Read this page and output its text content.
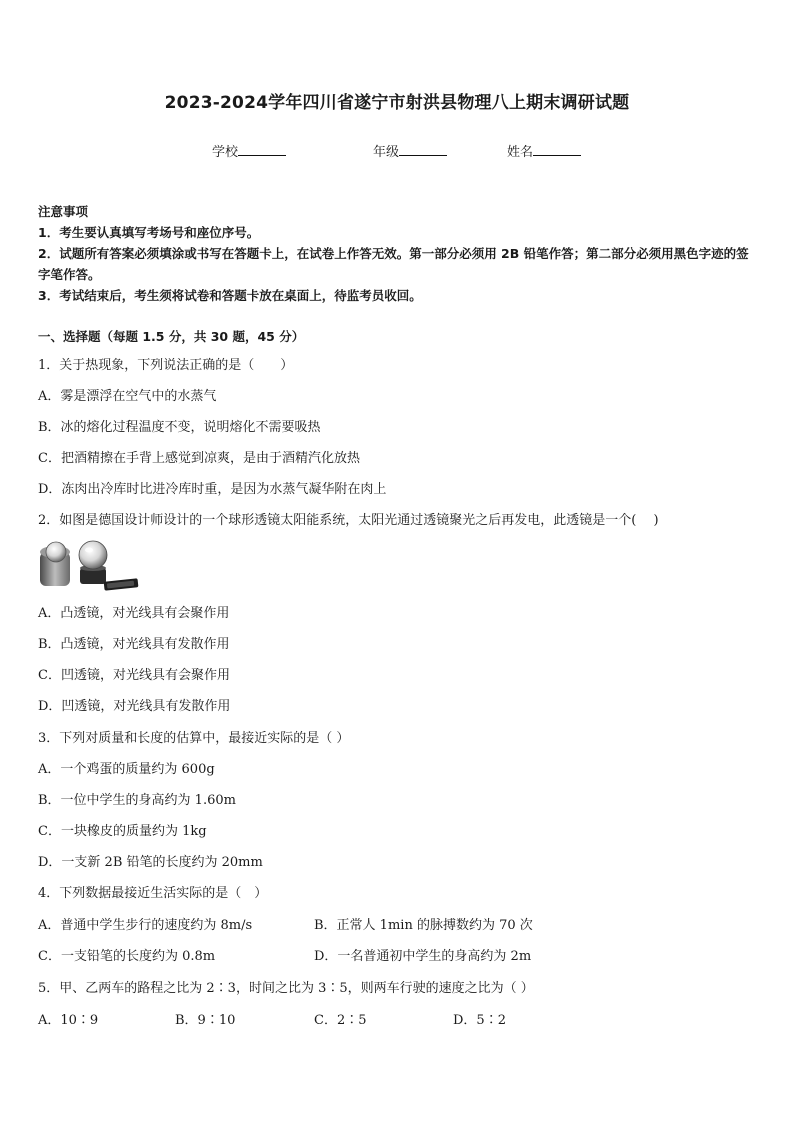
2023-2024学年四川省遂宁市射洪县物理八上期末调研试题
学校	年级	姓名
注意事项
1．考生要认真填写考场号和座位序号。
2．试题所有答案必须填涂或书写在答题卡上，在试卷上作答无效。第一部分必须用 2B 铅笔作答；第二部分必须用黑色字迹的签字笔作答。
3．考试结束后，考生须将试卷和答题卡放在桌面上，待监考员收回。
一、选择题（每题 1.5 分，共 30 题，45 分）
1．关于热现象，下列说法正确的是（　　）
A．雾是漂浮在空气中的水蒸气
B．冰的熔化过程温度不变，说明熔化不需要吸热
C．把酒精擦在手背上感觉到凉爽，是由于酒精汽化放热
D．冻肉出冷库时比进冷库时重，是因为水蒸气凝华附在肉上
2．如图是德国设计师设计的一个球形透镜太阳能系统，太阳光通过透镜聚光之后再发电，此透镜是一个(　 )
A．凸透镜，对光线具有会聚作用
B．凸透镜，对光线具有发散作用
C．凹透镜，对光线具有会聚作用
D．凹透镜，对光线具有发散作用
3．下列对质量和长度的估算中，最接近实际的是（ ）
A．一个鸡蛋的质量约为 600g
B．一位中学生的身高约为 1.60m
C．一块橡皮的质量约为 1kg
D．一支新 2B 铅笔的长度约为 20mm
4．下列数据最接近生活实际的是（　）
A．普通中学生步行的速度约为 8m/s	B．正常人 1min 的脉搏数约为 70 次
C．一支铅笔的长度约为 0.8m	D．一名普通初中学生的身高约为 2m
5．甲、乙两车的路程之比为 2∶3，时间之比为 3∶5，则两车行驶的速度之比为（ ）
A．10∶9	B．9∶10	C．2∶5	D．5∶2
